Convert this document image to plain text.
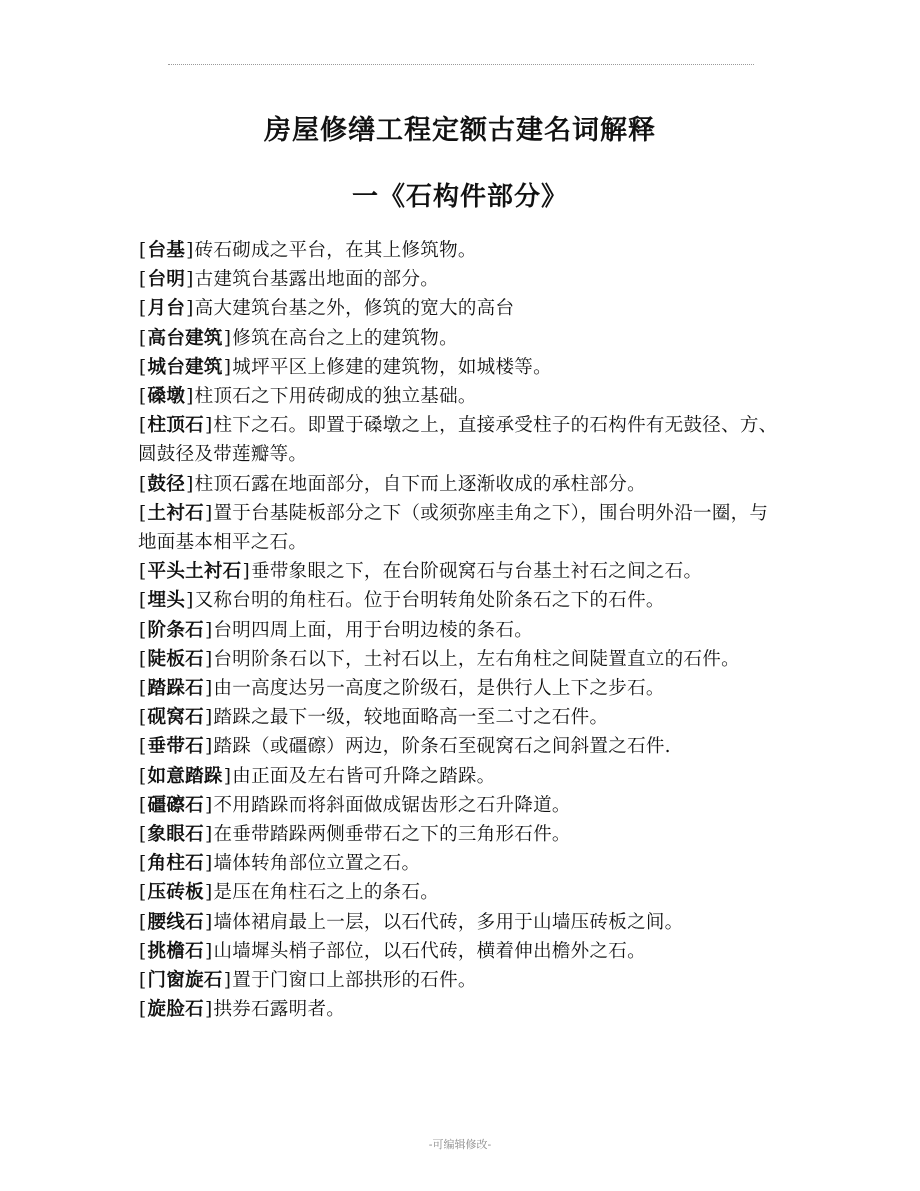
房屋修缮工程定额古建名词解释
一《石构件部分》
[台基]砖石砌成之平台，在其上修筑物。
[台明]古建筑台基露出地面的部分。
[月台]高大建筑台基之外，修筑的宽大的高台
[高台建筑]修筑在高台之上的建筑物。
[城台建筑]城坪平区上修建的建筑物，如城楼等。
[磉墩]柱顶石之下用砖砌成的独立基础。
[柱顶石]柱下之石。即置于磉墩之上，直接承受柱子的石构件有无鼓径、方、圆鼓径及带莲瓣等。
[鼓径]柱顶石露在地面部分，自下而上逐渐收成的承柱部分。
[土衬石]置于台基陡板部分之下（或须弥座圭角之下），围台明外沿一圈，与地面基本相平之石。
[平头土衬石]垂带象眼之下，在台阶砚窝石与台基土衬石之间之石。
[埋头]又称台明的角柱石。位于台明转角处阶条石之下的石件。
[阶条石]台明四周上面，用于台明边棱的条石。
[陡板石]台明阶条石以下，土衬石以上，左右角柱之间陡置直立的石件。
[踏跺石]由一高度达另一高度之阶级石，是供行人上下之步石。
[砚窝石]踏跺之最下一级，较地面略高一至二寸之石件。
[垂带石]踏跺（或礓䃰）两边，阶条石至砚窝石之间斜置之石件.
[如意踏跺]由正面及左右皆可升降之踏跺。
[礓䃰石]不用踏跺而将斜面做成锯齿形之石升降道。
[象眼石]在垂带踏跺两侧垂带石之下的三角形石件。
[角柱石]墙体转角部位立置之石。
[压砖板]是压在角柱石之上的条石。
[腰线石]墙体裙肩最上一层，以石代砖，多用于山墙压砖板之间。
[挑檐石]山墙墀头梢子部位，以石代砖，横着伸出檐外之石。
[门窗旋石]置于门窗口上部拱形的石件。
[旋脸石]拱券石露明者。
-可编辑修改-
